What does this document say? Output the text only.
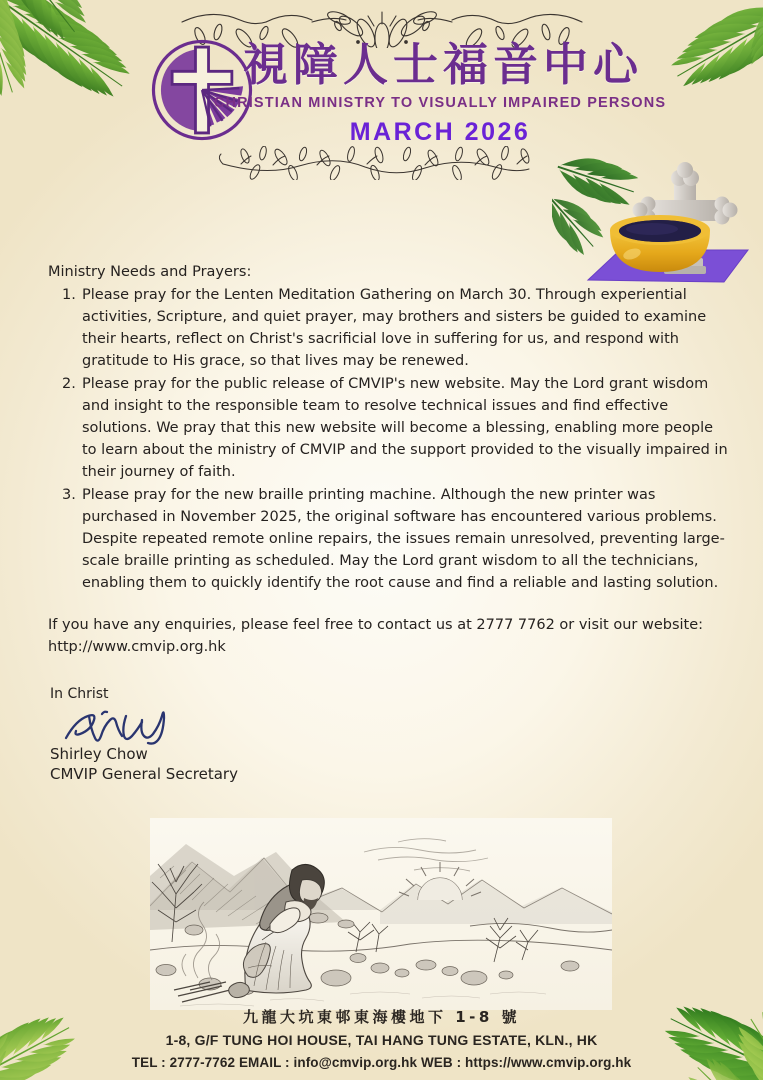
視障人士福音中心
CHRISTIAN MINISTRY TO VISUALLY IMPAIRED PERSONS
MARCH 2026
Ministry Needs and Prayers:
1. Please pray for the Lenten Meditation Gathering on March 30. Through experiential activities, Scripture, and quiet prayer, may brothers and sisters be guided to examine their hearts, reflect on Christ's sacrificial love in suffering for us, and respond with gratitude to His grace, so that lives may be renewed.
2. Please pray for the public release of CMVIP's new website. May the Lord grant wisdom and insight to the responsible team to resolve technical issues and find effective solutions. We pray that this new website will become a blessing, enabling more people to learn about the ministry of CMVIP and the support provided to the visually impaired in their journey of faith.
3. Please pray for the new braille printing machine. Although the new printer was purchased in November 2025, the original software has encountered various problems. Despite repeated remote online repairs, the issues remain unresolved, preventing large-scale braille printing as scheduled. May the Lord grant wisdom to all the technicians, enabling them to quickly identify the root cause and find a reliable and lasting solution.
If you have any enquiries, please feel free to contact us at 2777 7762 or visit our website: http://www.cmvip.org.hk
In Christ
Shirley Chow
CMVIP General Secretary
九龍大坑東邨東海樓地下 1-8 號
1-8, G/F TUNG HOI HOUSE, TAI HANG TUNG ESTATE, KLN., HK
TEL : 2777-7762 EMAIL : info@cmvip.org.hk WEB : https://www.cmvip.org.hk
